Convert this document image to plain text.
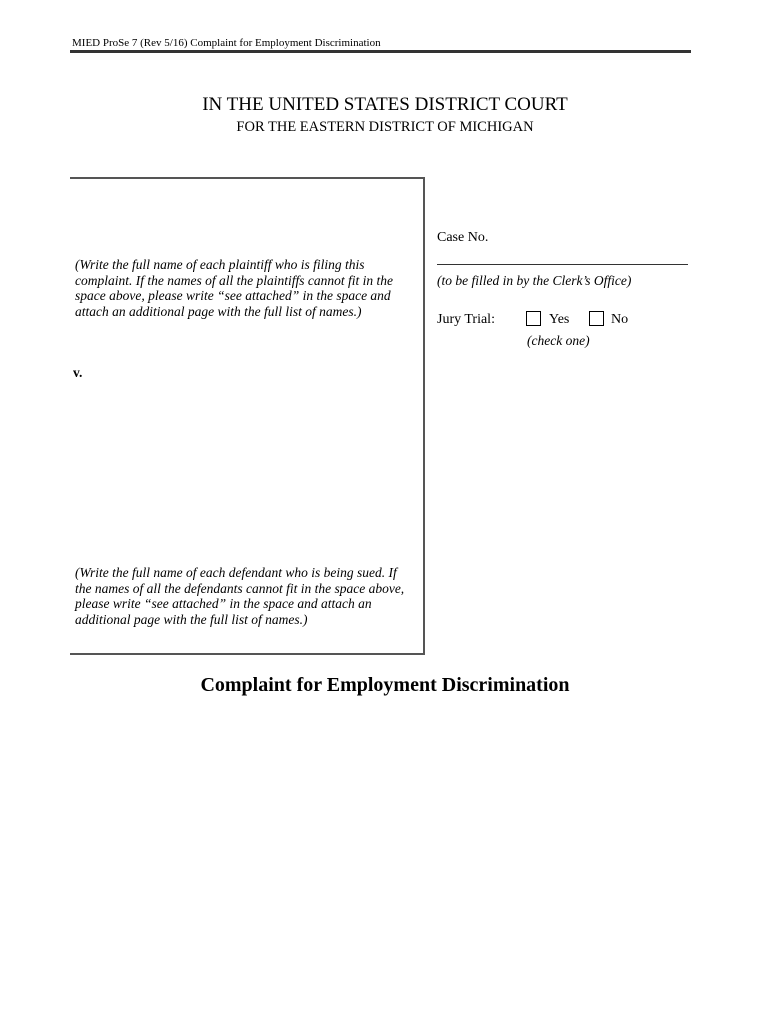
MIED ProSe 7 (Rev 5/16) Complaint for Employment Discrimination
IN THE UNITED STATES DISTRICT COURT
FOR THE EASTERN DISTRICT OF MICHIGAN
(Write the full name of each plaintiff who is filing this complaint. If the names of all the plaintiffs cannot fit in the space above, please write “see attached” in the space and attach an additional page with the full list of names.)
v.
(Write the full name of each defendant who is being sued. If the names of all the defendants cannot fit in the space above, please write “see attached” in the space and attach an additional page with the full list of names.)
Case No.
(to be filled in by the Clerk’s Office)
Jury Trial:	Yes	No
(check one)
Complaint for Employment Discrimination
